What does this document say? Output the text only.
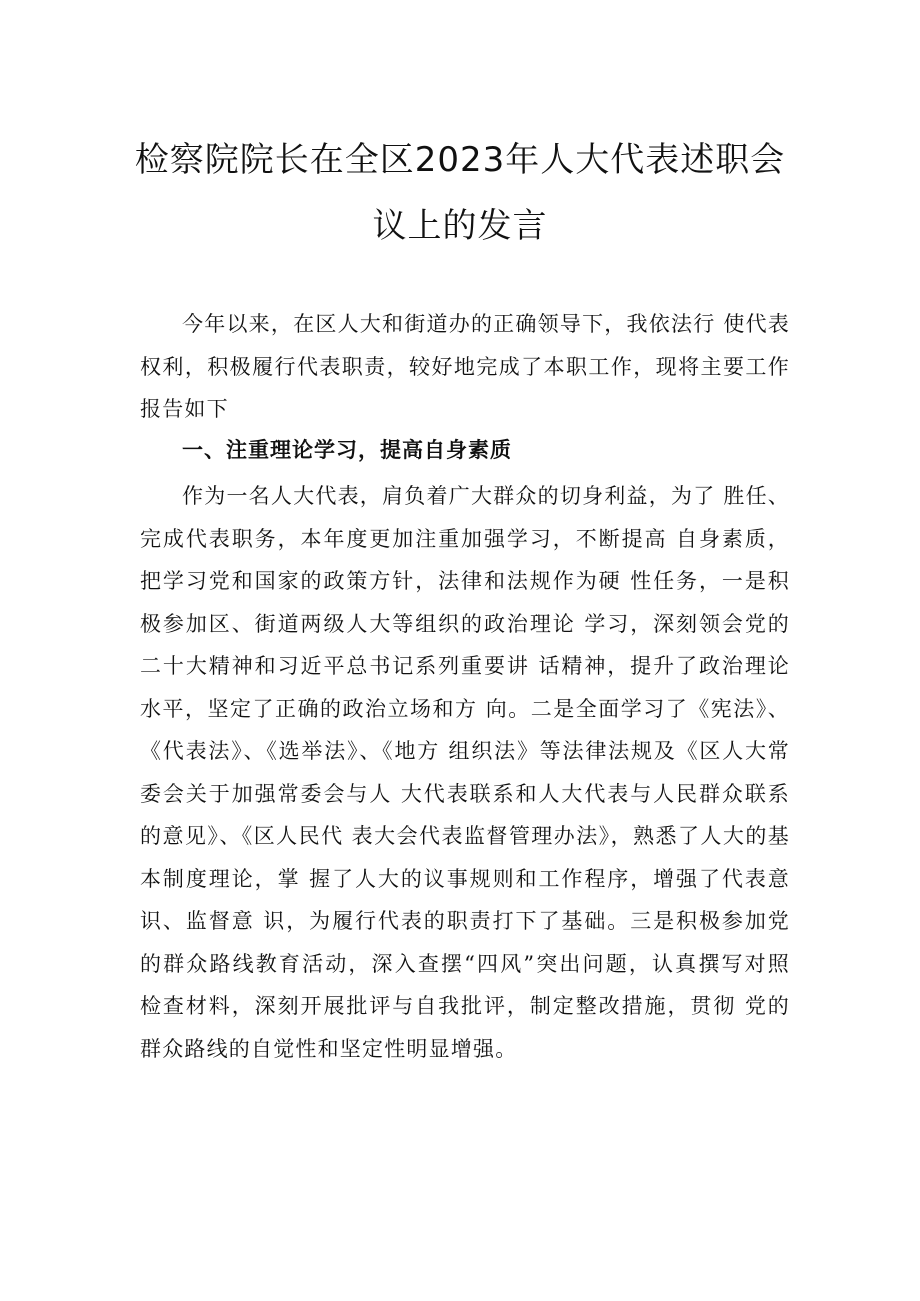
检察院院长在全区2023年人大代表述职会
议上的发言

今年以来，在区人大和街道办的正确领导下，我依法行 使代表权利，积极履行代表职责，较好地完成了本职工作，现将主要工作报告如下

一、注重理论学习，提高自身素质

作为一名人大代表，肩负着广大群众的切身利益，为了 胜任、完成代表职务，本年度更加注重加强学习，不断提高 自身素质，把学习党和国家的政策方针，法律和法规作为硬 性任务，一是积极参加区、街道两级人大等组织的政治理论 学习，深刻领会党的二十大精神和习近平总书记系列重要讲 话精神，提升了政治理论水平，坚定了正确的政治立场和方 向。二是全面学习了《宪法》、《代表法》、《选举法》、《地方 组织法》等法律法规及《区人大常委会关于加强常委会与人 大代表联系和人大代表与人民群众联系的意见》、《区人民代 表大会代表监督管理办法》，熟悉了人大的基本制度理论，掌 握了人大的议事规则和工作程序，增强了代表意识、监督意 识，为履行代表的职责打下了基础。三是积极参加党的群众路线教育活动，深入查摆“四风”突出问题，认真撰写对照 检查材料，深刻开展批评与自我批评，制定整改措施，贯彻 党的群众路线的自觉性和坚定性明显增强。
